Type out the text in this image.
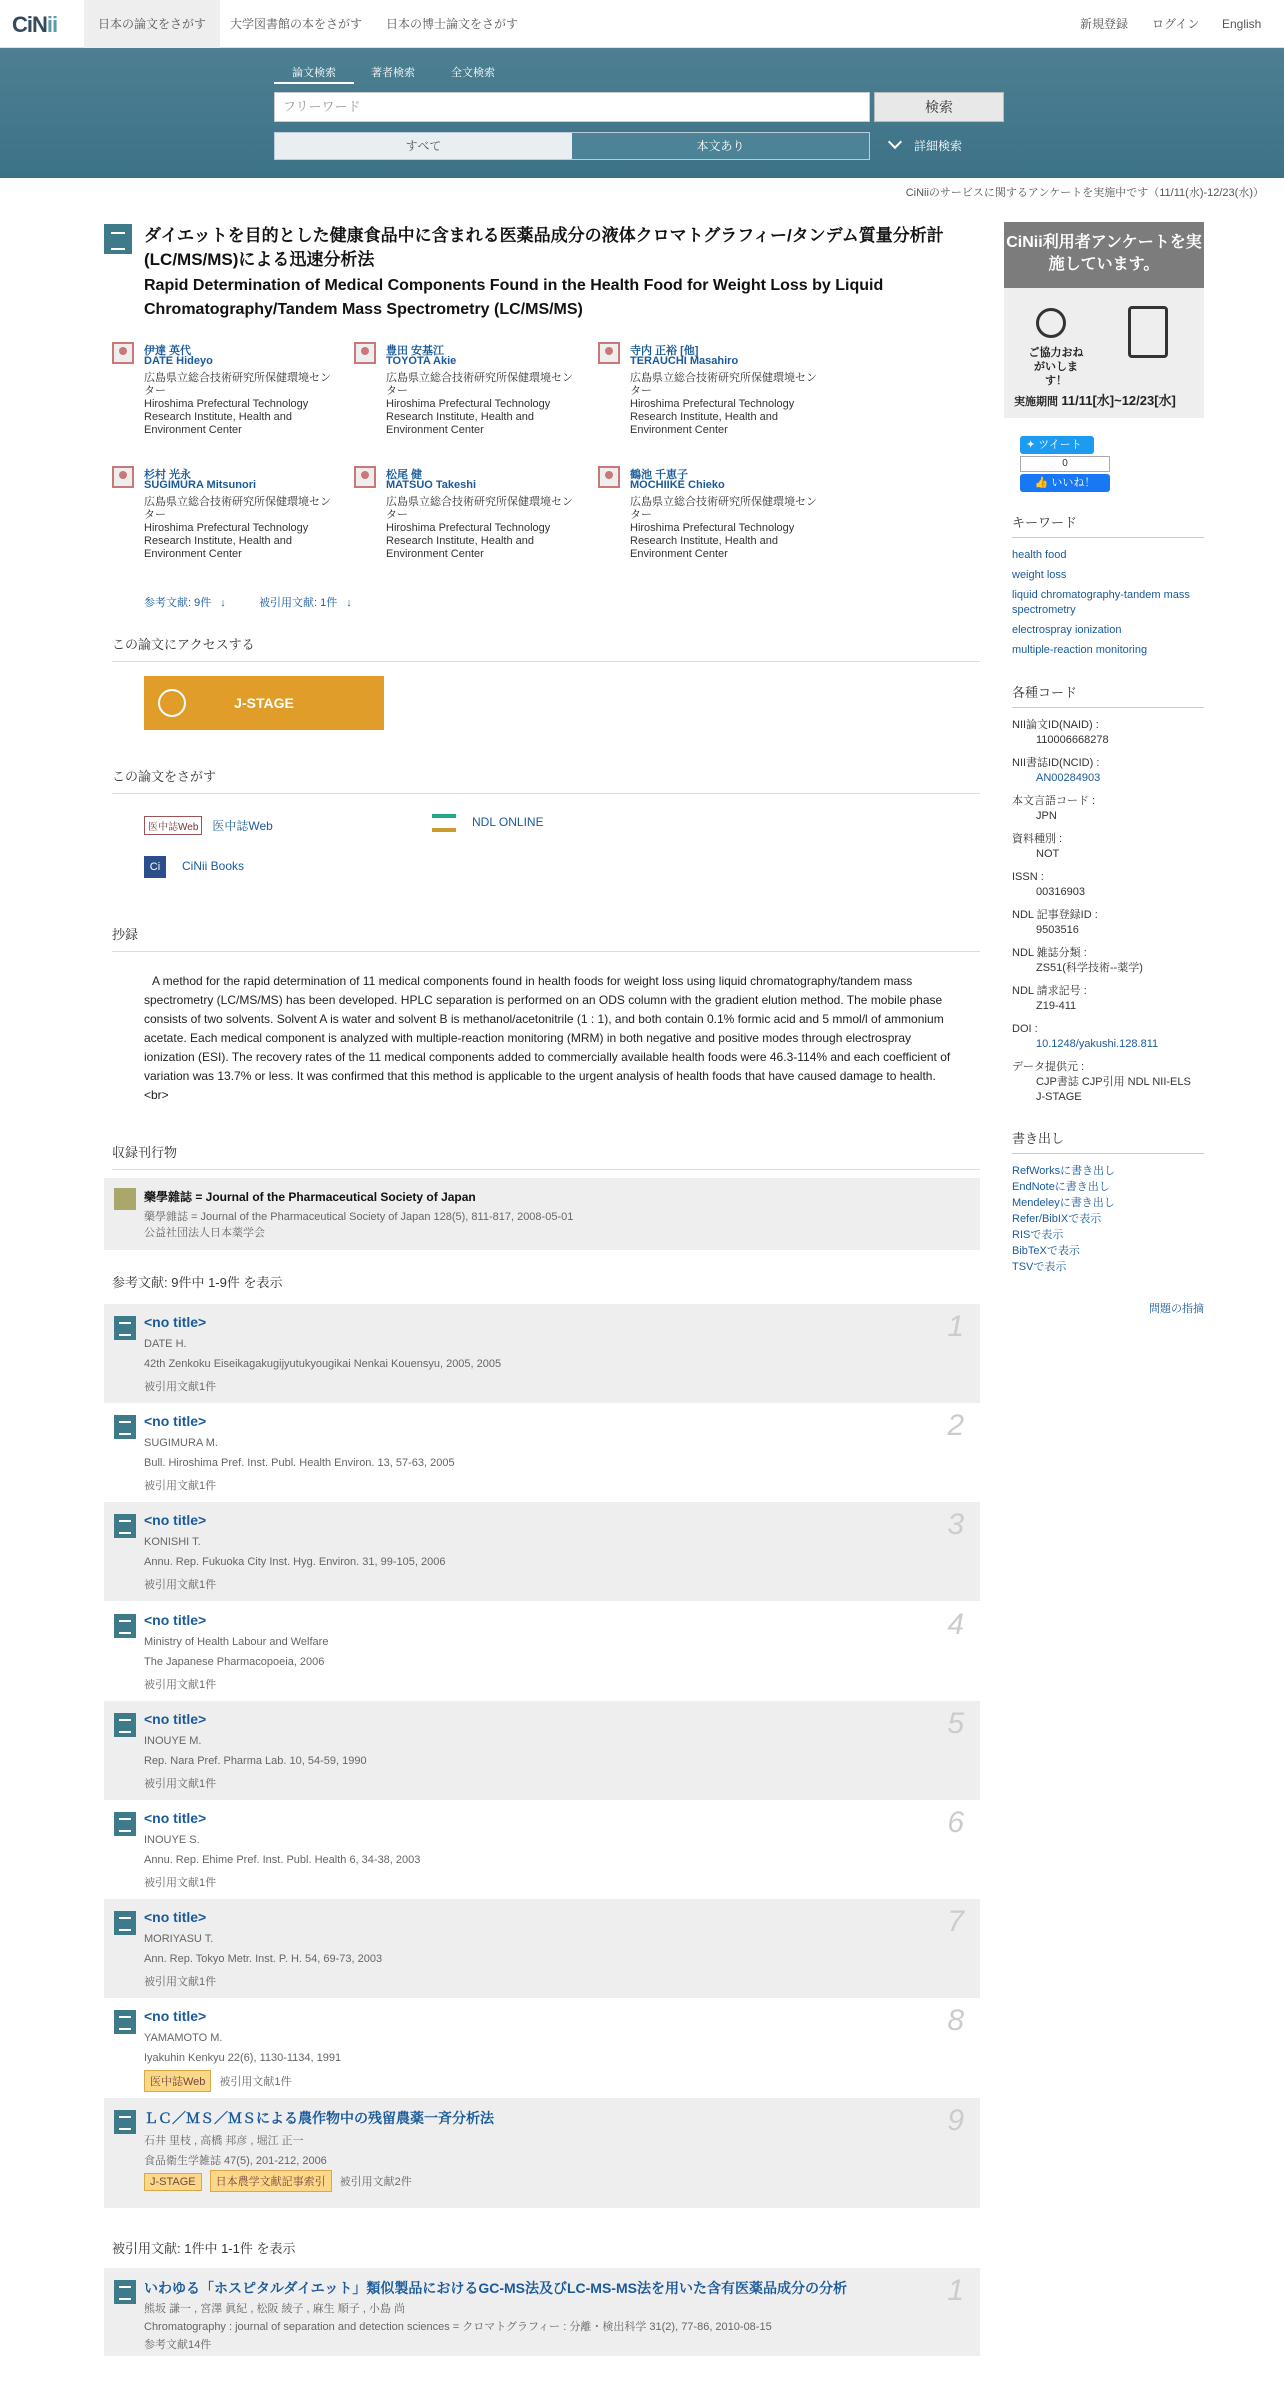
CiNii	日本の論文をさがす	大学図書館の本をさがす	日本の博士論文をさがす	新規登録	ログイン	English
論文検索	著者検索	全文検索
フリーワード	検索
すべて	本文あり	詳細検索
CiNiiのサービスに関するアンケートを実施中です（11/11(水)-12/23(水)）
ダイエットを目的とした健康食品中に含まれる医薬品成分の液体クロマトグラフィー/タンデム質量分析計(LC/MS/MS)による迅速分析法
Rapid Determination of Medical Components Found in the Health Food for Weight Loss by Liquid Chromatography/Tandem Mass Spectrometry (LC/MS/MS)
伊達 英代
DATE Hideyo
広島県立総合技術研究所保健環境センター
Hiroshima Prefectural Technology Research Institute, Health and Environment Center
豊田 安基江
TOYOTA Akie
広島県立総合技術研究所保健環境センター
Hiroshima Prefectural Technology Research Institute, Health and Environment Center
寺内 正裕 [他]
TERAUCHI Masahiro
広島県立総合技術研究所保健環境センター
Hiroshima Prefectural Technology Research Institute, Health and Environment Center
杉村 光永
SUGIMURA Mitsunori
広島県立総合技術研究所保健環境センター
Hiroshima Prefectural Technology Research Institute, Health and Environment Center
松尾 健
MATSUO Takeshi
広島県立総合技術研究所保健環境センター
Hiroshima Prefectural Technology Research Institute, Health and Environment Center
鶴池 千恵子
MOCHIIKE Chieko
広島県立総合技術研究所保健環境センター
Hiroshima Prefectural Technology Research Institute, Health and Environment Center
参考文献: 9件 ↓	被引用文献: 1件 ↓
この論文にアクセスする
J-STAGE
この論文をさがす
医中誌Web 医中誌Web	NDL ONLINE
Ci CiNii Books
抄録
A method for the rapid determination of 11 medical components found in health foods for weight loss using liquid chromatography/tandem mass spectrometry (LC/MS/MS) has been developed. HPLC separation is performed on an ODS column with the gradient elution method. The mobile phase consists of two solvents. Solvent A is water and solvent B is methanol/acetonitrile (1 : 1), and both contain 0.1% formic acid and 5 mmol/l of ammonium acetate. Each medical component is analyzed with multiple-reaction monitoring (MRM) in both negative and positive modes through electrospray ionization (ESI). The recovery rates of the 11 medical components added to commercially available health foods were 46.3-114% and each coefficient of variation was 13.7% or less. It was confirmed that this method is applicable to the urgent analysis of health foods that have caused damage to health.<br>
収録刊行物
藥學雜誌 = Journal of the Pharmaceutical Society of Japan
藥學雜誌 = Journal of the Pharmaceutical Society of Japan 128(5), 811-817, 2008-05-01
公益社団法人日本薬学会
参考文献: 9件中 1-9件 を表示
<no title>
DATE H.
42th Zenkoku Eiseikagakugijyutukyougikai Nenkai Kouensyu, 2005, 2005
1
被引用文献1件
<no title>
SUGIMURA M.
Bull. Hiroshima Pref. Inst. Publ. Health Environ. 13, 57-63, 2005
2
被引用文献1件
<no title>
KONISHI T.
Annu. Rep. Fukuoka City Inst. Hyg. Environ. 31, 99-105, 2006
3
被引用文献1件
<no title>
Ministry of Health Labour and Welfare
The Japanese Pharmacopoeia, 2006
4
被引用文献1件
<no title>
INOUYE M.
Rep. Nara Pref. Pharma Lab. 10, 54-59, 1990
5
被引用文献1件
<no title>
INOUYE S.
Annu. Rep. Ehime Pref. Inst. Publ. Health 6, 34-38, 2003
6
被引用文献1件
<no title>
MORIYASU T.
Ann. Rep. Tokyo Metr. Inst. P. H. 54, 69-73, 2003
7
被引用文献1件
<no title>
YAMAMOTO M.
Iyakuhin Kenkyu 22(6), 1130-1134, 1991
8
医中誌Web 被引用文献1件
ＬＣ／ＭＳ／ＭＳによる農作物中の残留農薬一斉分析法
石井 里枝 , 高橋 邦彦 , 堀江 正一
食品衛生学雑誌 47(5), 201-212, 2006
9
J-STAGE 日本農学文献記事索引 被引用文献2件
被引用文献: 1件中 1-1件 を表示
いわゆる「ホスピタルダイエット」類似製品におけるGC-MS法及びLC-MS-MS法を用いた含有医薬品成分の分析
熊坂 謙一 , 宮澤 眞紀 , 松阪 綾子 , 麻生 順子 , 小島 尚
Chromatography : journal of separation and detection sciences = クロマトグラフィー : 分離・検出科学 31(2), 77-86, 2010-08-15
参考文献14件
1
CiNii利用者アンケートを実施しています。
ご協力おねがいします！
実施期間 11/11[水]~12/23[水]
✦ ツイート
0
👍 いいね！
キーワード
health food
weight loss
liquid chromatography-tandem mass spectrometry
electrospray ionization
multiple-reaction monitoring
各種コード
NII論文ID(NAID) :
110006668278
NII書誌ID(NCID) :
AN00284903
本文言語コード :
JPN
資料種別 :
NOT
ISSN :
00316903
NDL 記事登録ID :
9503516
NDL 雑誌分類 :
ZS51(科学技術--薬学)
NDL 請求記号 :
Z19-411
DOI :
10.1248/yakushi.128.811
データ提供元 :
CJP書誌 CJP引用 NDL NII-ELS J-STAGE
書き出し
RefWorksに書き出し
EndNoteに書き出し
Mendeleyに書き出し
Refer/BibIXで表示
RISで表示
BibTeXで表示
TSVで表示
問題の指摘
